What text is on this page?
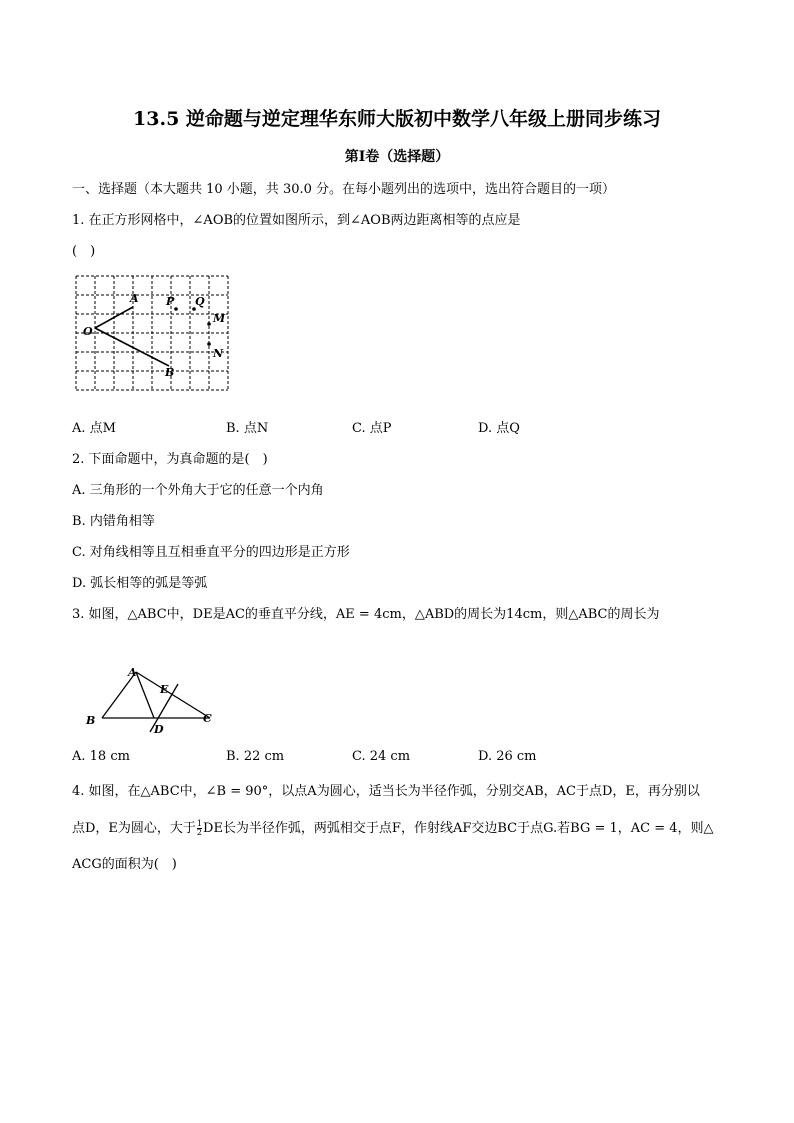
13.5 逆命题与逆定理华东师大版初中数学八年级上册同步练习
第Ⅰ卷（选择题）
一、选择题（本大题共 10 小题，共 30.0 分。在每小题列出的选项中，选出符合题目的一项）
1. 在正方形网格中，∠AOB的位置如图所示，到∠AOB两边距离相等的点应是
(　)
A P Q
O
M
N
B
A. 点M	B. 点N	C. 点P	D. 点Q
2. 下面命题中，为真命题的是(　)
A. 三角形的一个外角大于它的任意一个内角
B. 内错角相等
C. 对角线相等且互相垂直平分的四边形是正方形
D. 弧长相等的弧是等弧
3. 如图，△ABC中，DE是AC的垂直平分线，AE = 4cm，△ABD的周长为14cm，则△ABC的周长为
A
E
B
D
C
A. 18 cm	B. 22 cm	C. 24 cm	D. 26 cm
4. 如图，在△ABC中，∠B = 90°，以点A为圆心，适当长为半径作弧，分别交AB，AC于点D，E，再分别以
点D，E为圆心，大于 $\frac{1}{2}$ DE长为半径作弧，两弧相交于点F，作射线AF交边BC于点G.若BG = 1，AC = 4，则△
ACG的面积为(　)
